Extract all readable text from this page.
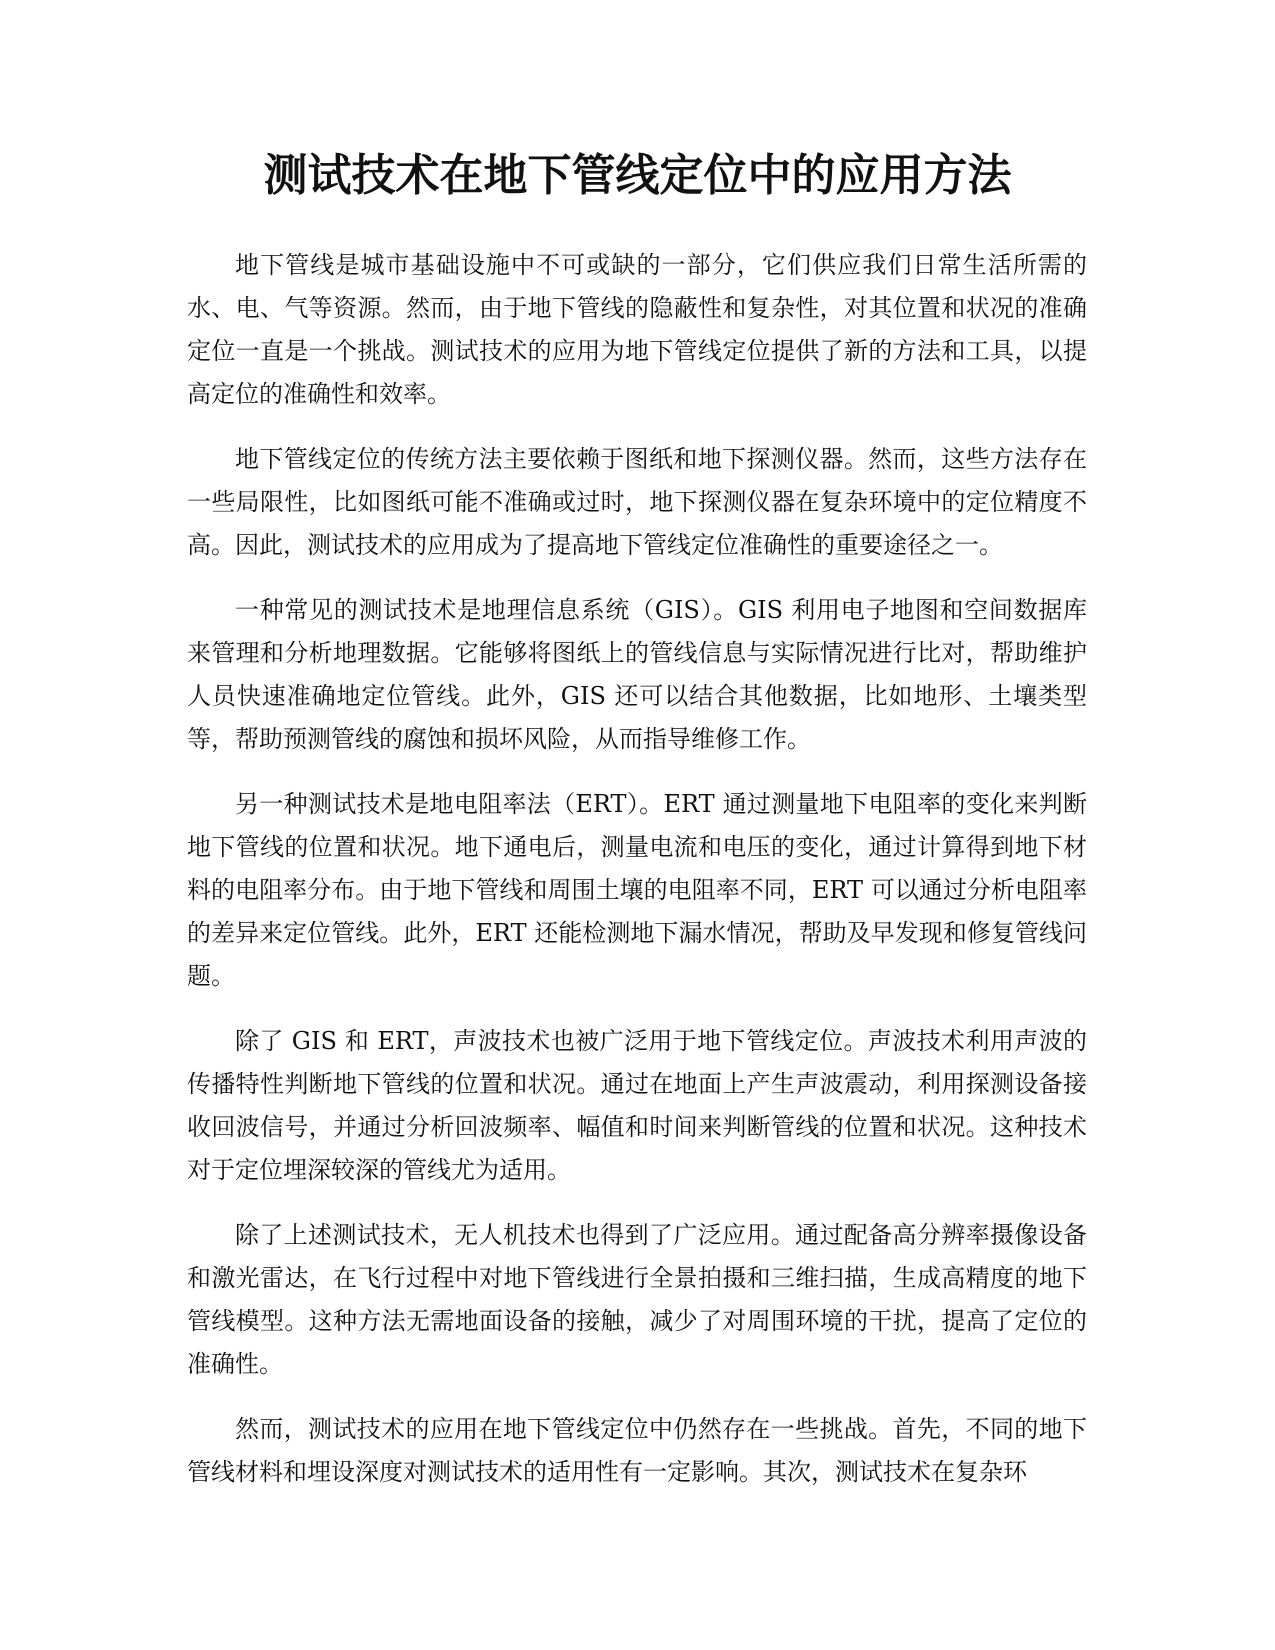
测试技术在地下管线定位中的应用方法

地下管线是城市基础设施中不可或缺的一部分，它们供应我们日常生活所需的水、电、气等资源。然而，由于地下管线的隐蔽性和复杂性，对其位置和状况的准确定位一直是一个挑战。测试技术的应用为地下管线定位提供了新的方法和工具，以提高定位的准确性和效率。

地下管线定位的传统方法主要依赖于图纸和地下探测仪器。然而，这些方法存在一些局限性，比如图纸可能不准确或过时，地下探测仪器在复杂环境中的定位精度不高。因此，测试技术的应用成为了提高地下管线定位准确性的重要途径之一。

一种常见的测试技术是地理信息系统（GIS）。GIS 利用电子地图和空间数据库来管理和分析地理数据。它能够将图纸上的管线信息与实际情况进行比对，帮助维护人员快速准确地定位管线。此外，GIS 还可以结合其他数据，比如地形、土壤类型等，帮助预测管线的腐蚀和损坏风险，从而指导维修工作。

另一种测试技术是地电阻率法（ERT）。ERT 通过测量地下电阻率的变化来判断地下管线的位置和状况。地下通电后，测量电流和电压的变化，通过计算得到地下材料的电阻率分布。由于地下管线和周围土壤的电阻率不同，ERT 可以通过分析电阻率的差异来定位管线。此外，ERT 还能检测地下漏水情况，帮助及早发现和修复管线问题。

除了 GIS 和 ERT，声波技术也被广泛用于地下管线定位。声波技术利用声波的传播特性判断地下管线的位置和状况。通过在地面上产生声波震动，利用探测设备接收回波信号，并通过分析回波频率、幅值和时间来判断管线的位置和状况。这种技术对于定位埋深较深的管线尤为适用。

除了上述测试技术，无人机技术也得到了广泛应用。通过配备高分辨率摄像设备和激光雷达，在飞行过程中对地下管线进行全景拍摄和三维扫描，生成高精度的地下管线模型。这种方法无需地面设备的接触，减少了对周围环境的干扰，提高了定位的准确性。

然而，测试技术的应用在地下管线定位中仍然存在一些挑战。首先，不同的地下管线材料和埋设深度对测试技术的适用性有一定影响。其次，测试技术在复杂环
